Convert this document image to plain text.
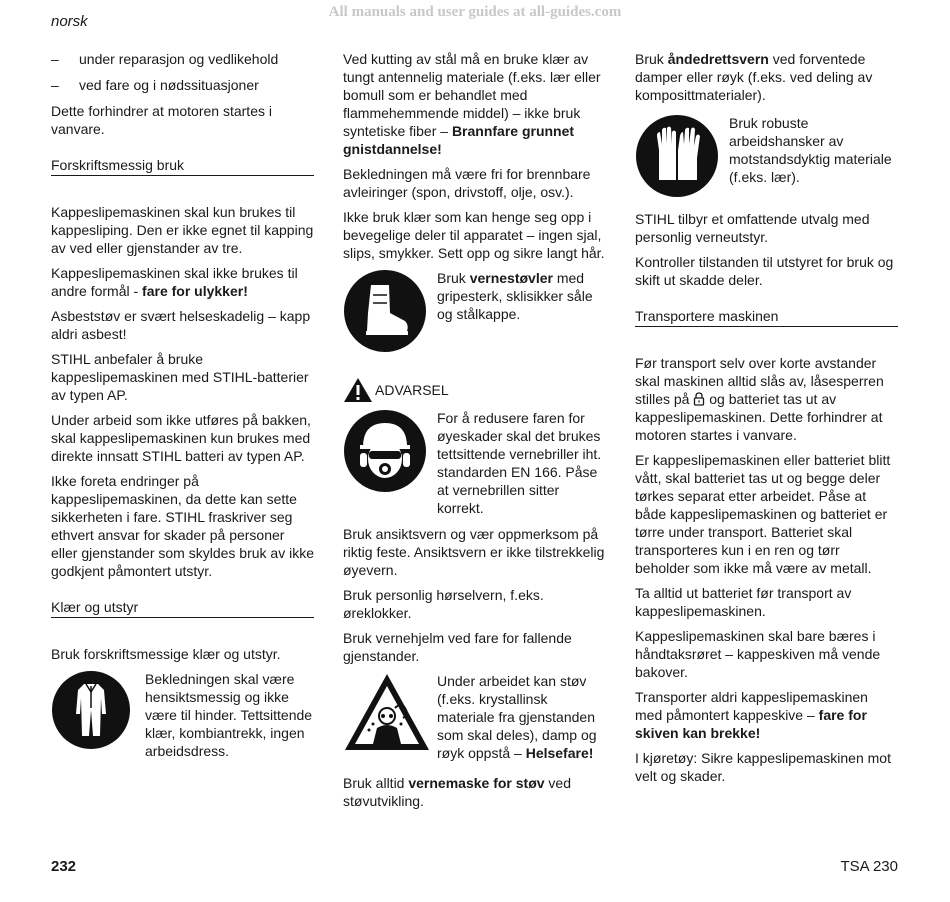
All manuals and user guides at all-guides.com
norsk
–	under reparasjon og vedlikehold
–	ved fare og i nødssituasjoner

Dette forhindrer at motoren startes i vanvare.

Forskriftsmessig bruk

Kappeslipemaskinen skal kun brukes til kappesliping. Den er ikke egnet til kapping av ved eller gjenstander av tre.

Kappeslipemaskinen skal ikke brukes til andre formål - fare for ulykker!

Asbeststøv er svært helseskadelig – kapp aldri asbest!

STIHL anbefaler å bruke kappeslipemaskinen med STIHL-batterier av typen AP.

Under arbeid som ikke utføres på bakken, skal kappeslipemaskinen kun brukes med direkte innsatt STIHL batteri av typen AP.

Ikke foreta endringer på kappeslipemaskinen, da dette kan sette sikkerheten i fare. STIHL fraskriver seg ethvert ansvar for skader på personer eller gjenstander som skyldes bruk av ikke godkjent påmontert utstyr.

Klær og utstyr

Bruk forskriftsmessige klær og utstyr.

Bekledningen skal være hensiktsmessig og ikke være til hinder. Tettsittende klær, kombiantrekk, ingen arbeidsdress.

Ved kutting av stål må en bruke klær av tungt antennelig materiale (f.eks. lær eller bomull som er behandlet med flammehemmende middel) – ikke bruk syntetiske fiber – Brannfare grunnet gnistdannelse!

Bekledningen må være fri for brennbare avleiringer (spon, drivstoff, olje, osv.).

Ikke bruk klær som kan henge seg opp i bevegelige deler til apparatet – ingen sjal, slips, smykker. Sett opp og sikre langt hår.

Bruk vernestøvler med gripesterk, sklisikker såle og stålkappe.
ADVARSEL
For å redusere faren for øyeskader skal det brukes tettsittende vernebriller iht. standarden EN 166. Påse at vernebrillen sitter korrekt.

Bruk ansiktsvern og vær oppmerksom på riktig feste. Ansiktsvern er ikke tilstrekkelig øyevern.

Bruk personlig hørselvern, f.eks. øreklokker.

Bruk vernehjelm ved fare for fallende gjenstander.

Under arbeidet kan støv (f.eks. krystallinsk materiale fra gjenstanden som skal deles), damp og røyk oppstå – Helsefare!

Bruk alltid vernemaske for støv ved støvutvikling.

Bruk åndedrettsvern ved forventede damper eller røyk (f.eks. ved deling av komposittmaterialer).

Bruk robuste arbeidshansker av motstandsdyktig materiale (f.eks. lær).

STIHL tilbyr et omfattende utvalg med personlig verneutstyr.

Kontroller tilstanden til utstyret for bruk og skift ut skadde deler.

Transportere maskinen

Før transport selv over korte avstander skal maskinen alltid slås av, låsesperren stilles på  og batteriet tas ut av kappeslipemaskinen. Dette forhindrer at motoren startes i vanvare.

Er kappeslipemaskinen eller batteriet blitt vått, skal batteriet tas ut og begge deler tørkes separat etter arbeidet. Påse at både kappeslipemaskinen og batteriet er tørre under transport. Batteriet skal transporteres kun i en ren og tørr beholder som ikke må være av metall.

Ta alltid ut batteriet før transport av kappeslipemaskinen.

Kappeslipemaskinen skal bare bæres i håndtaksrøret – kappeskiven må vende bakover.

Transporter aldri kappeslipemaskinen med påmontert kappeskive – fare for skiven kan brekke!

I kjøretøy: Sikre kappeslipemaskinen mot velt og skader.

232	TSA 230
